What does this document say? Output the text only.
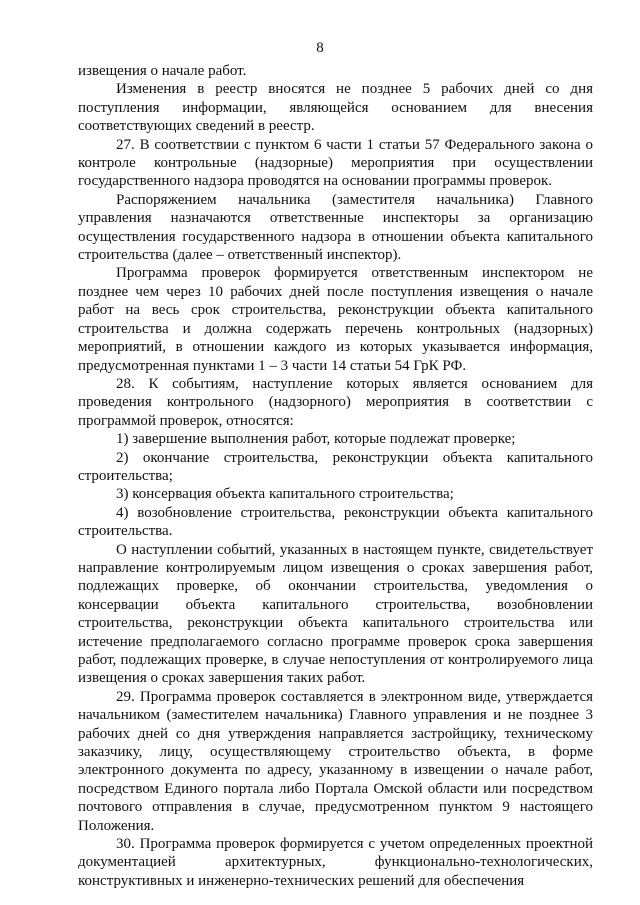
8

извещения о начале работ.

Изменения в реестр вносятся не позднее 5 рабочих дней со дня поступления информации, являющейся основанием для внесения соответствующих сведений в реестр.

27. В соответствии с пунктом 6 части 1 статьи 57 Федерального закона о контроле контрольные (надзорные) мероприятия при осуществлении государственного надзора проводятся на основании программы проверок.

Распоряжением начальника (заместителя начальника) Главного управления назначаются ответственные инспекторы за организацию осуществления государственного надзора в отношении объекта капитального строительства (далее – ответственный инспектор).

Программа проверок формируется ответственным инспектором не позднее чем через 10 рабочих дней после поступления извещения о начале работ на весь срок строительства, реконструкции объекта капитального строительства и должна содержать перечень контрольных (надзорных) мероприятий, в отношении каждого из которых указывается информация, предусмотренная пунктами 1 – 3 части 14 статьи 54 ГрК РФ.

28. К событиям, наступление которых является основанием для проведения контрольного (надзорного) мероприятия в соответствии с программой проверок, относятся:

1) завершение выполнения работ, которые подлежат проверке;

2) окончание строительства, реконструкции объекта капитального строительства;

3) консервация объекта капитального строительства;

4) возобновление строительства, реконструкции объекта капитального строительства.

О наступлении событий, указанных в настоящем пункте, свидетельствует направление контролируемым лицом извещения о сроках завершения работ, подлежащих проверке, об окончании строительства, уведомления о консервации объекта капитального строительства, возобновлении строительства, реконструкции объекта капитального строительства или истечение предполагаемого согласно программе проверок срока завершения работ, подлежащих проверке, в случае непоступления от контролируемого лица извещения о сроках завершения таких работ.

29. Программа проверок составляется в электронном виде, утверждается начальником (заместителем начальника) Главного управления и не позднее 3 рабочих дней со дня утверждения направляется застройщику, техническому заказчику, лицу, осуществляющему строительство объекта, в форме электронного документа по адресу, указанному в извещении о начале работ, посредством Единого портала либо Портала Омской области или посредством почтового отправления в случае, предусмотренном пунктом 9 настоящего Положения.

30. Программа проверок формируется с учетом определенных проектной документацией архитектурных, функционально-технологических, конструктивных и инженерно-технических решений для обеспечения
